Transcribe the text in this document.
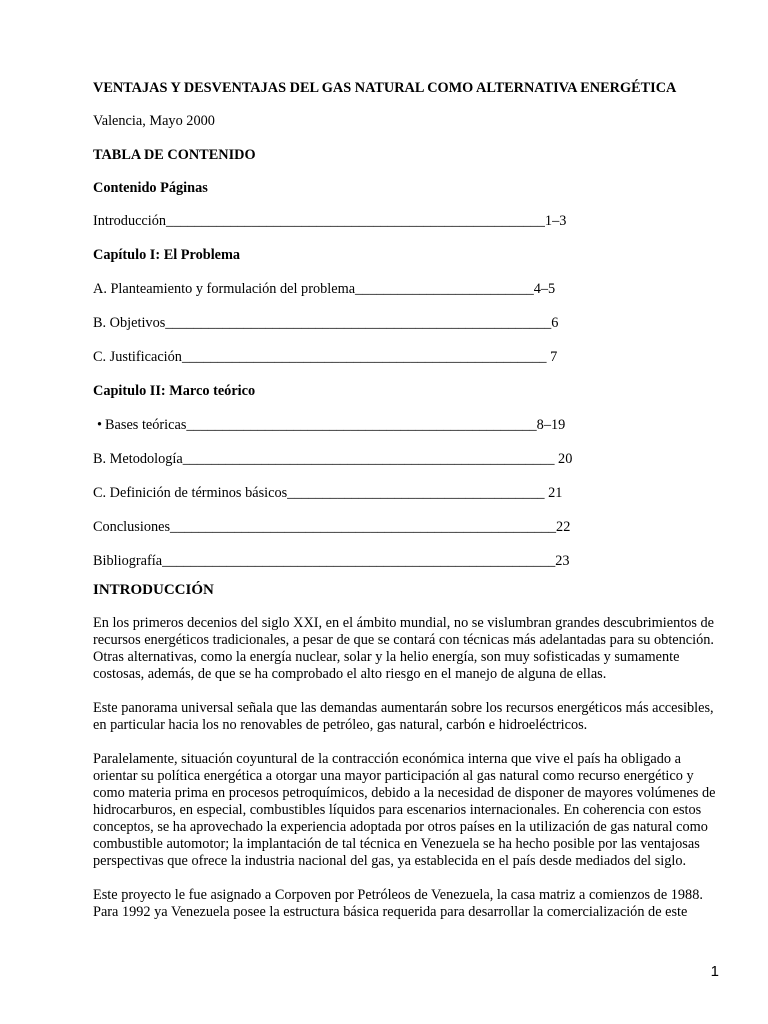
VENTAJAS Y DESVENTAJAS DEL GAS NATURAL COMO ALTERNATIVA ENERGÉTICA
Valencia, Mayo 2000
TABLA DE CONTENIDO
Contenido Páginas
Introducción_____________________________________________________1–3
Capítulo I: El Problema
A. Planteamiento y formulación del problema_________________________4–5
B. Objetivos______________________________________________________6
C. Justificación___________________________________________________ 7
Capitulo II: Marco teórico
• Bases teóricas_________________________________________________8–19
B. Metodología____________________________________________________ 20
C. Definición de términos básicos____________________________________ 21
Conclusiones______________________________________________________22
Bibliografía_______________________________________________________23
INTRODUCCIÓN
En los primeros decenios del siglo XXI, en el ámbito mundial, no se vislumbran grandes descubrimientos de
recursos energéticos tradicionales, a pesar de que se contará con técnicas más adelantadas para su obtención.
Otras alternativas, como la energía nuclear, solar y la helio energía, son muy sofisticadas y sumamente
costosas, además, de que se ha comprobado el alto riesgo en el manejo de alguna de ellas.
Este panorama universal señala que las demandas aumentarán sobre los recursos energéticos más accesibles,
en particular hacia los no renovables de petróleo, gas natural, carbón e hidroeléctricos.
Paralelamente, situación coyuntural de la contracción económica interna que vive el país ha obligado a
orientar su política energética a otorgar una mayor participación al gas natural como recurso energético y
como materia prima en procesos petroquímicos, debido a la necesidad de disponer de mayores volúmenes de
hidrocarburos, en especial, combustibles líquidos para escenarios internacionales. En coherencia con estos
conceptos, se ha aprovechado la experiencia adoptada por otros países en la utilización de gas natural como
combustible automotor; la implantación de tal técnica en Venezuela se ha hecho posible por las ventajosas
perspectivas que ofrece la industria nacional del gas, ya establecida en el país desde mediados del siglo.
Este proyecto le fue asignado a Corpoven por Petróleos de Venezuela, la casa matriz a comienzos de 1988.
Para 1992 ya Venezuela posee la estructura básica requerida para desarrollar la comercialización de este
1
